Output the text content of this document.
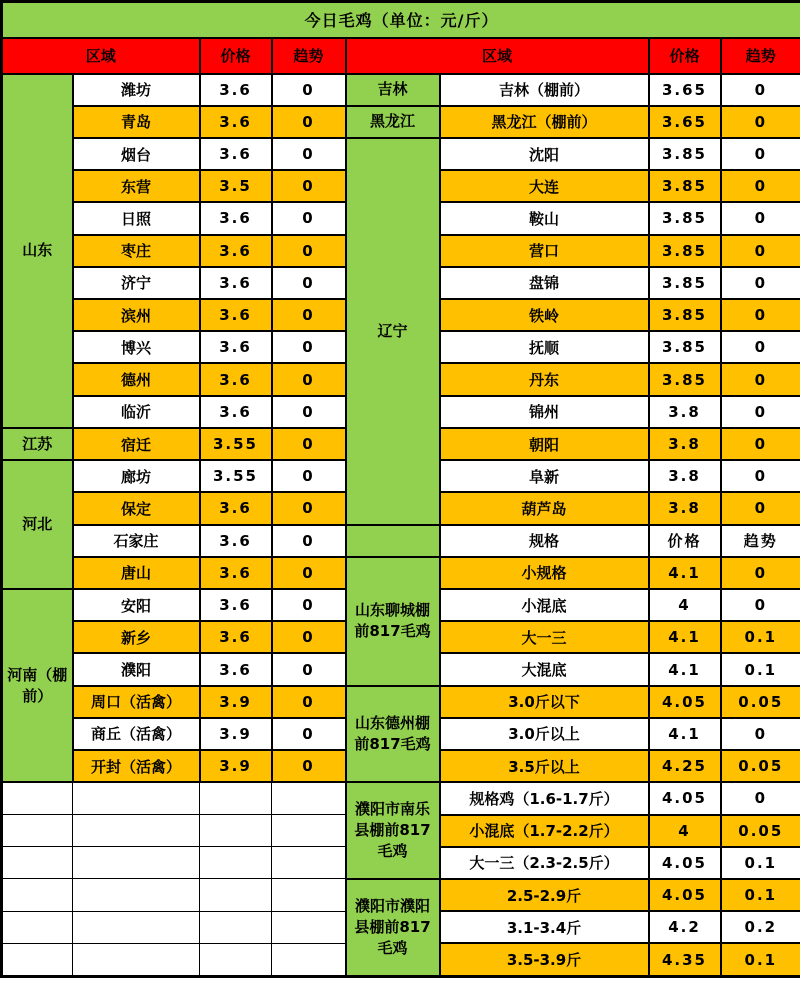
今日毛鸡（单位：元/斤）							
区域		价格	趋势	区域		价格	趋势
山东	潍坊	3.6	0	吉林	吉林（棚前）	3.65	0
	青岛	3.6	0	黑龙江	黑龙江（棚前）	3.65	0
	烟台	3.6	0	辽宁	沈阳	3.85	0
	东营	3.5	0		大连	3.85	0
	日照	3.6	0		鞍山	3.85	0
	枣庄	3.6	0		营口	3.85	0
	济宁	3.6	0		盘锦	3.85	0
	滨州	3.6	0		铁岭	3.85	0
	博兴	3.6	0		抚顺	3.85	0
	德州	3.6	0		丹东	3.85	0
	临沂	3.6	0		锦州	3.8	0
江苏	宿迁	3.55	0		朝阳	3.8	0
河北	廊坊	3.55	0		阜新	3.8	0
	保定	3.6	0		葫芦岛	3.8	0
	石家庄	3.6	0		规格	价格	趋势
	唐山	3.6	0	山东聊城棚前817毛鸡	小规格	4.1	0
河南（棚前）	安阳	3.6	0		小混底	4	0
	新乡	3.6	0		大一三	4.1	0.1
	濮阳	3.6	0		大混底	4.1	0.1
	周口（活禽）	3.9	0	山东德州棚前817毛鸡	3.0斤以下	4.05	0.05
	商丘（活禽）	3.9	0		3.0斤以上	4.1	0
	开封（活禽）	3.9	0		3.5斤以上	4.25	0.05
				濮阳市南乐县棚前817毛鸡	规格鸡（1.6-1.7斤）	4.05	0
					小混底（1.7-2.2斤）	4	0.05
					大一三（2.3-2.5斤）	4.05	0.1
				濮阳市濮阳县棚前817毛鸡	2.5-2.9斤	4.05	0.1
					3.1-3.4斤	4.2	0.2
					3.5-3.9斤	4.35	0.1
